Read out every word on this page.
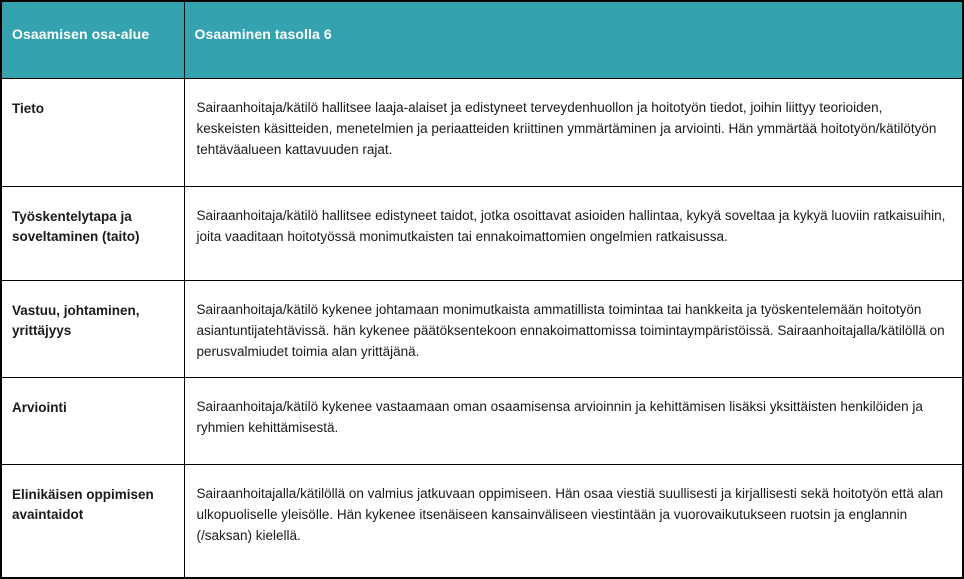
Osaamisen osa-alue	Osaaminen tasolla 6
Tieto	Sairaanhoitaja/kätilö hallitsee laaja-alaiset ja edistyneet terveydenhuollon ja hoitotyön tiedot, joihin liittyy teorioiden, keskeisten käsitteiden, menetelmien ja periaatteiden kriittinen ymmärtäminen ja arviointi. Hän ymmärtää hoitotyön/kätilötyön tehtäväalueen kattavuuden rajat.
Työskentelytapa ja soveltaminen (taito)	Sairaanhoitaja/kätilö hallitsee edistyneet taidot, jotka osoittavat asioiden hallintaa, kykyä soveltaa ja kykyä luoviin ratkaisuihin, joita vaaditaan hoitotyössä monimutkaisten tai ennakoimattomien ongelmien ratkaisussa.
Vastuu, johtaminen, yrittäjyys	Sairaanhoitaja/kätilö kykenee johtamaan monimutkaista ammatillista toimintaa tai hankkeita ja työskentelemään hoitotyön asiantuntijatehtävissä. hän kykenee päätöksentekoon ennakoimattomissa toimintaympäristöissä. Sairaanhoitajalla/kätilöllä on perusvalmiudet toimia alan yrittäjänä.
Arviointi	Sairaanhoitaja/kätilö kykenee vastaamaan oman osaamisensa arvioinnin ja kehittämisen lisäksi yksittäisten henkilöiden ja ryhmien kehittämisestä.
Elinikäisen oppimisen avaintaidot	Sairaanhoitajalla/kätilöllä on valmius jatkuvaan oppimiseen. Hän osaa viestiä suullisesti ja kirjallisesti sekä hoitotyön että alan ulkopuoliselle yleisölle. Hän kykenee itsenäiseen kansainväliseen viestintään ja vuorovaikutukseen ruotsin ja englannin (/saksan) kielellä.
